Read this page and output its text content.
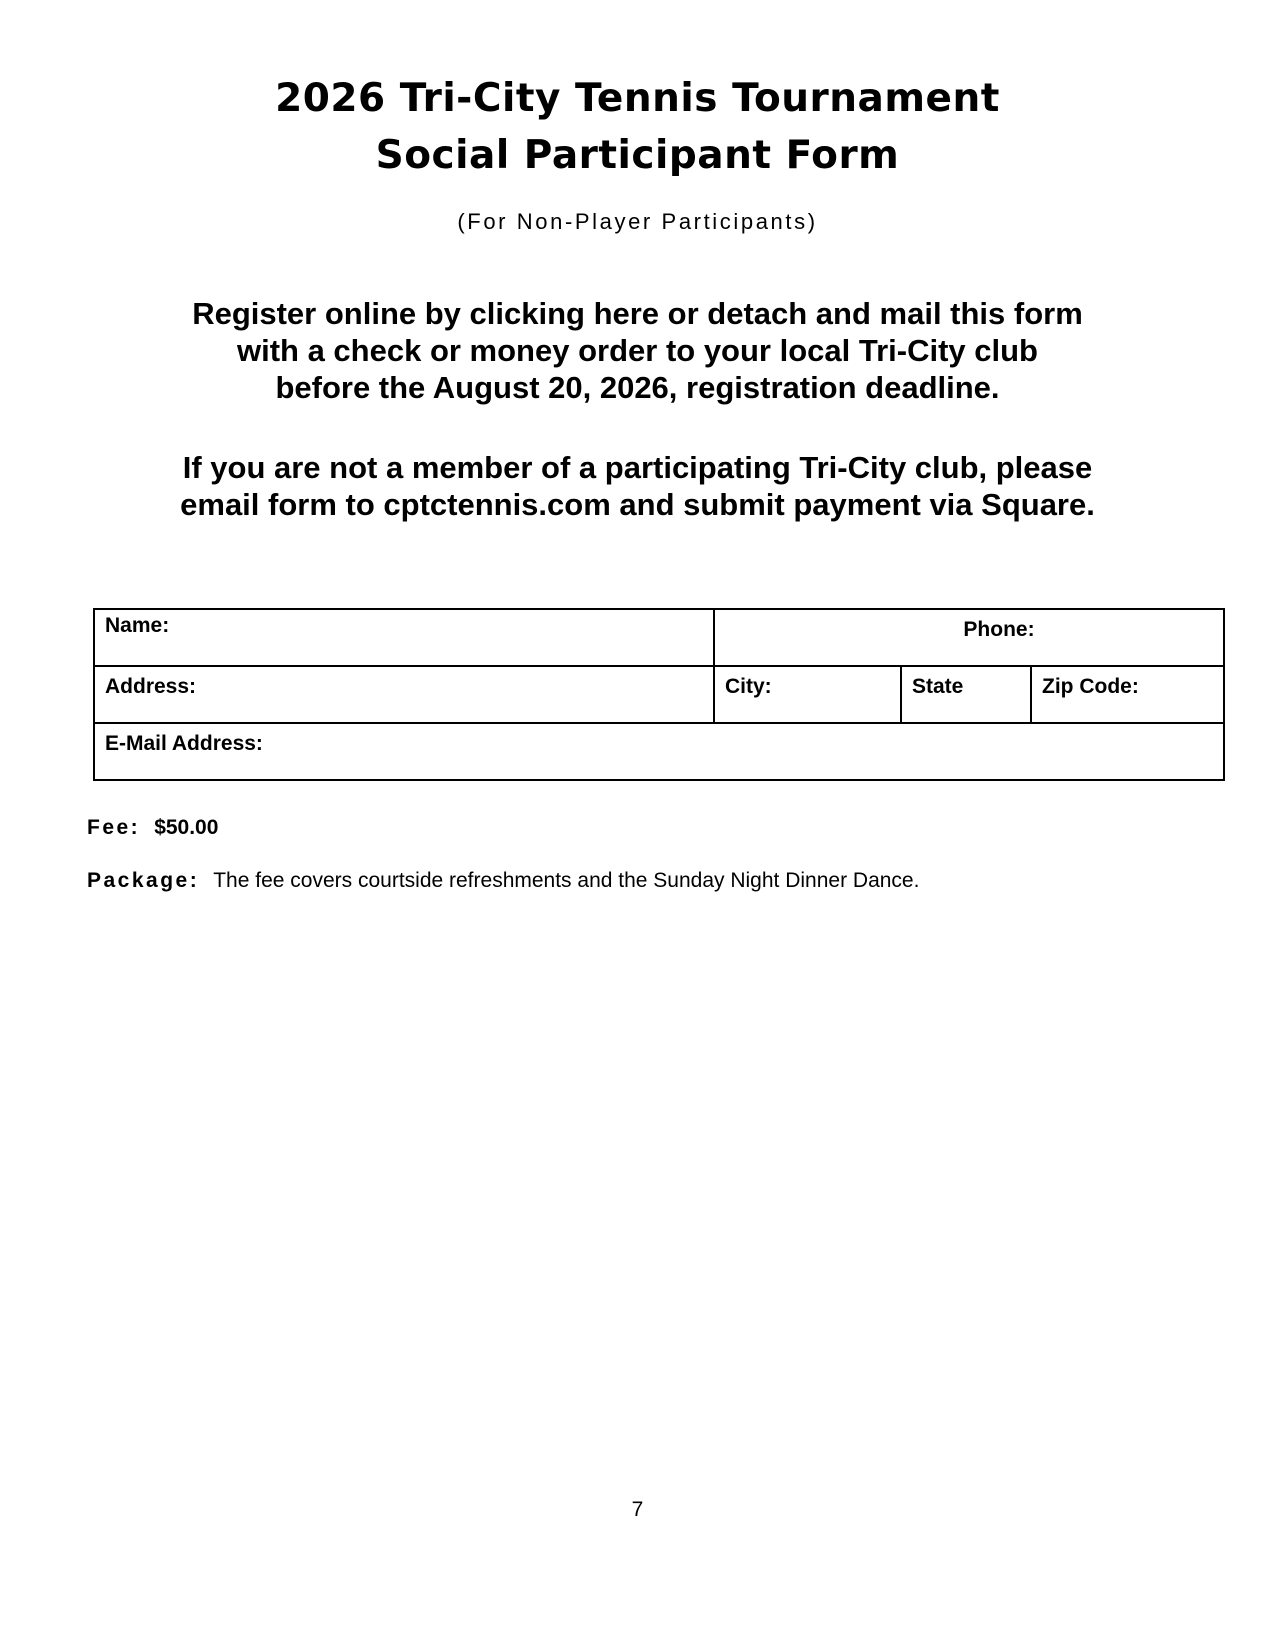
2026 Tri-City Tennis Tournament
Social Participant Form
(For Non-Player Participants)
Register online by clicking here or detach and mail this form
with a check or money order to your local Tri-City club
before the August 20, 2026, registration deadline.
If you are not a member of a participating Tri-City club, please
email form to cptctennis.com and submit payment via Square.
Name:	Phone:		

Address:	City:	State	Zip Code:

E-Mail Address:			
Fee: $50.00
Package: The fee covers courtside refreshments and the Sunday Night Dinner Dance.
7
